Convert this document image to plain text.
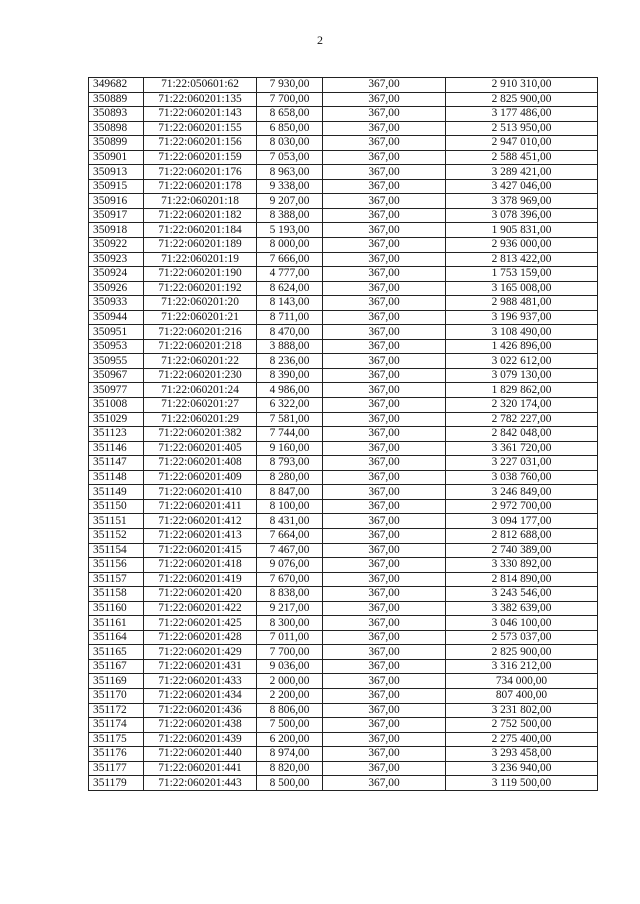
2
349682	71:22:050601:62	7 930,00	367,00	2 910 310,00
350889	71:22:060201:135	7 700,00	367,00	2 825 900,00
350893	71:22:060201:143	8 658,00	367,00	3 177 486,00
350898	71:22:060201:155	6 850,00	367,00	2 513 950,00
350899	71:22:060201:156	8 030,00	367,00	2 947 010,00
350901	71:22:060201:159	7 053,00	367,00	2 588 451,00
350913	71:22:060201:176	8 963,00	367,00	3 289 421,00
350915	71:22:060201:178	9 338,00	367,00	3 427 046,00
350916	71:22:060201:18	9 207,00	367,00	3 378 969,00
350917	71:22:060201:182	8 388,00	367,00	3 078 396,00
350918	71:22:060201:184	5 193,00	367,00	1 905 831,00
350922	71:22:060201:189	8 000,00	367,00	2 936 000,00
350923	71:22:060201:19	7 666,00	367,00	2 813 422,00
350924	71:22:060201:190	4 777,00	367,00	1 753 159,00
350926	71:22:060201:192	8 624,00	367,00	3 165 008,00
350933	71:22:060201:20	8 143,00	367,00	2 988 481,00
350944	71:22:060201:21	8 711,00	367,00	3 196 937,00
350951	71:22:060201:216	8 470,00	367,00	3 108 490,00
350953	71:22:060201:218	3 888,00	367,00	1 426 896,00
350955	71:22:060201:22	8 236,00	367,00	3 022 612,00
350967	71:22:060201:230	8 390,00	367,00	3 079 130,00
350977	71:22:060201:24	4 986,00	367,00	1 829 862,00
351008	71:22:060201:27	6 322,00	367,00	2 320 174,00
351029	71:22:060201:29	7 581,00	367,00	2 782 227,00
351123	71:22:060201:382	7 744,00	367,00	2 842 048,00
351146	71:22:060201:405	9 160,00	367,00	3 361 720,00
351147	71:22:060201:408	8 793,00	367,00	3 227 031,00
351148	71:22:060201:409	8 280,00	367,00	3 038 760,00
351149	71:22:060201:410	8 847,00	367,00	3 246 849,00
351150	71:22:060201:411	8 100,00	367,00	2 972 700,00
351151	71:22:060201:412	8 431,00	367,00	3 094 177,00
351152	71:22:060201:413	7 664,00	367,00	2 812 688,00
351154	71:22:060201:415	7 467,00	367,00	2 740 389,00
351156	71:22:060201:418	9 076,00	367,00	3 330 892,00
351157	71:22:060201:419	7 670,00	367,00	2 814 890,00
351158	71:22:060201:420	8 838,00	367,00	3 243 546,00
351160	71:22:060201:422	9 217,00	367,00	3 382 639,00
351161	71:22:060201:425	8 300,00	367,00	3 046 100,00
351164	71:22:060201:428	7 011,00	367,00	2 573 037,00
351165	71:22:060201:429	7 700,00	367,00	2 825 900,00
351167	71:22:060201:431	9 036,00	367,00	3 316 212,00
351169	71:22:060201:433	2 000,00	367,00	734 000,00
351170	71:22:060201:434	2 200,00	367,00	807 400,00
351172	71:22:060201:436	8 806,00	367,00	3 231 802,00
351174	71:22:060201:438	7 500,00	367,00	2 752 500,00
351175	71:22:060201:439	6 200,00	367,00	2 275 400,00
351176	71:22:060201:440	8 974,00	367,00	3 293 458,00
351177	71:22:060201:441	8 820,00	367,00	3 236 940,00
351179	71:22:060201:443	8 500,00	367,00	3 119 500,00
